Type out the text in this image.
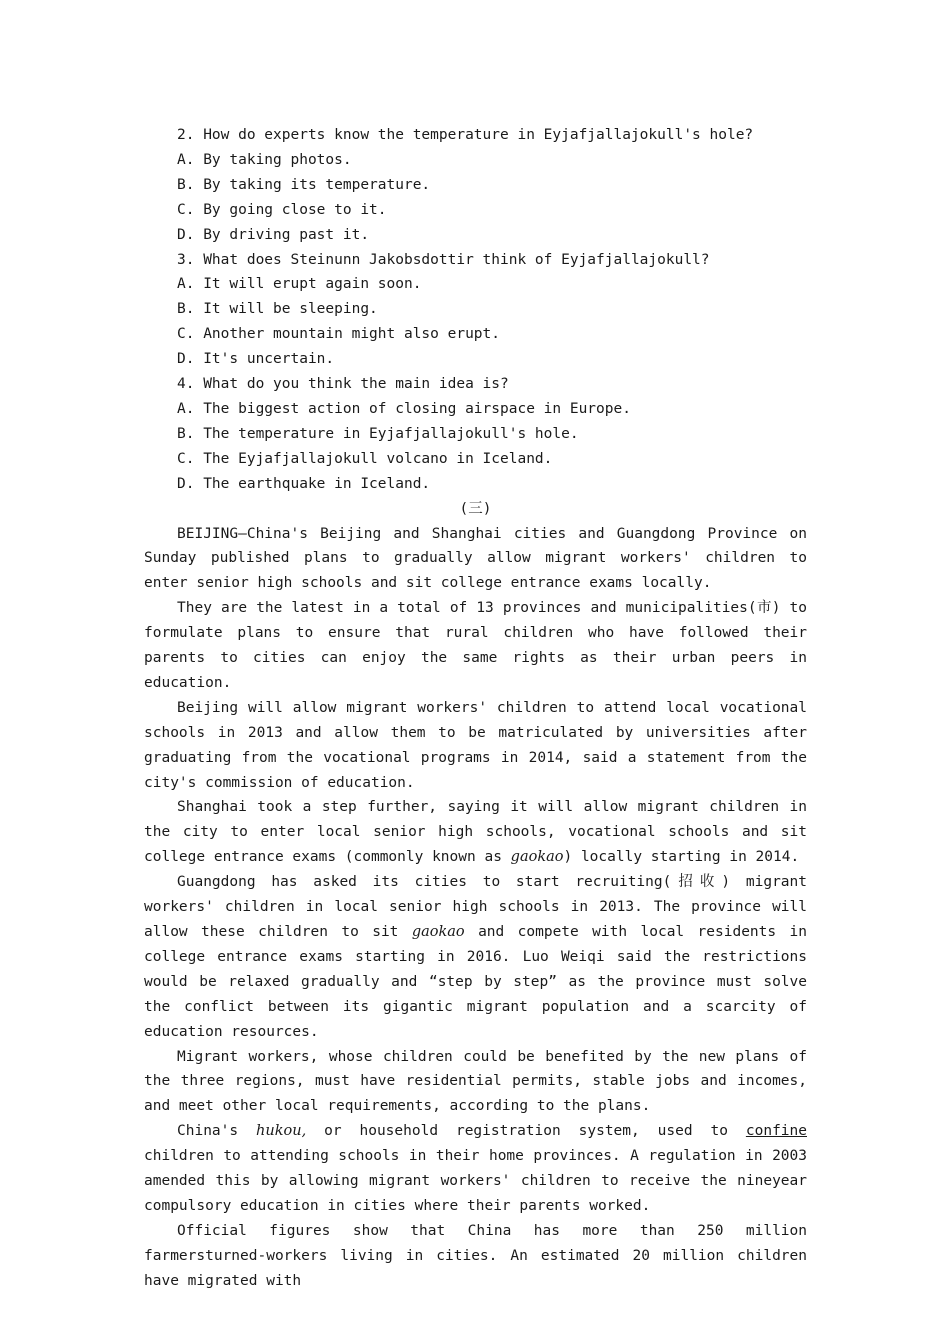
2. How do experts know the temperature in Eyjafjallajokull's hole?

A. By taking photos.

B. By taking its temperature.

C. By going close to it.

D. By driving past it.

3. What does Steinunn Jakobsdottir think of Eyjafjallajokull?

A. It will erupt again soon.

B. It will be sleeping.

C. Another mountain might also erupt.

D. It's uncertain.

4. What do you think the main idea is?

A. The biggest action of closing airspace in Europe.

B. The temperature in Eyjafjallajokull's hole.

C. The Eyjafjallajokull volcano in Iceland.

D. The earthquake in Iceland.

(三)

BEIJING—China's Beijing and Shanghai cities and Guangdong Province on Sunday published plans to gradually allow migrant workers' children to enter senior high schools and sit college entrance exams locally.

They are the latest in a total of 13 provinces and municipalities(市) to formulate plans to ensure that rural children who have followed their parents to cities can enjoy the same rights as their urban peers in education.

Beijing will allow migrant workers' children to attend local vocational schools in 2013 and allow them to be matriculated by universities after graduating from the vocational programs in 2014, said a statement from the city's commission of education.

Shanghai took a step further, saying it will allow migrant children in the city to enter local senior high schools, vocational schools and sit college entrance exams (commonly known as gaokao) locally starting in 2014.

Guangdong has asked its cities to start recruiting(招收) migrant workers' children in local senior high schools in 2013. The province will allow these children to sit gaokao and compete with local residents in college entrance exams starting in 2016. Luo Weiqi said the restrictions would be relaxed gradually and “step by step” as the province must solve the conflict between its gigantic migrant population and a scarcity of education resources.

Migrant workers, whose children could be benefited by the new plans of the three regions, must have residential permits, stable jobs and incomes, and meet other local requirements, according to the plans.

China's hukou, or household registration system, used to confine children to attending schools in their home provinces. A regulation in 2003 amended this by allowing migrant workers' children to receive the nineyear compulsory education in cities where their parents worked.

Official figures show that China has more than 250 million farmersturned-workers living in cities. An estimated 20 million children have migrated with
